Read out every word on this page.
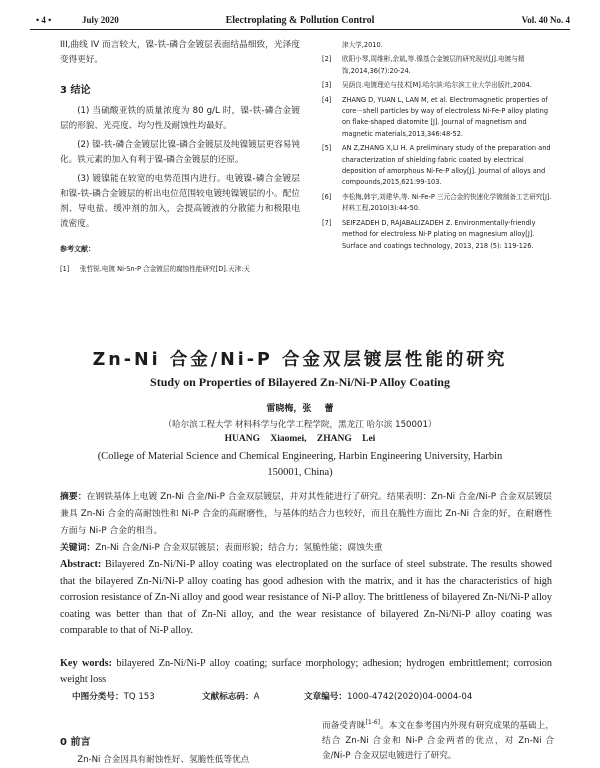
• 4 •	July 2020	Electroplating & Pollution Control	Vol. 40 No. 4

III,曲线 IV 而言较大，镍-铁-磷合金镀层表面结晶细致，光泽度变得更好。

3 结论

(1) 当硫酸亚铁的质量浓度为 80 g/L 时，镍-铁-磷合金镀层的形貌、光亮度、均匀性及耐蚀性均最好。

(2) 镍-铁-磷合金镀层比镍-磷合金镀层及纯镍镀层更容易钝化。铁元素的加入有利于镍-磷合金镀层的还原。

(3) 镀镍能在较宽的电势范围内进行。电镀镍-磷合金镀层和镍-铁-磷合金镀层的析出电位范围较电镀纯镍镀层的小。配位剂、导电盐、缓冲剂的加入，会提高镀液的分散能力和极限电流密度。

参考文献：

[1]	张哲锐.电镀 Ni-Sn-P 合金镀层的腐蚀性能研究[D].天津:天
津大学,2010.
[2]	欧阳小琴,周维彬,余斌,等.镍基合金镀层的研究现状[J].电镀与精饰,2014,36(7):20-24.
[3]	吴荫良.电镀理论与技术[M].哈尔滨:哈尔滨工业大学出版社,2004.
[4]	ZHANG D, YUAN L, LAN M, et al. Electromagnetic properties of core－shell particles by way of electroless Ni-Fe-P alloy plating on flake-shaped diatomite [J]. Journal of magnetism and magnetic materials,2013,346:48-52.
[5]	AN Z,ZHANG X,LI H. A preliminary study of the preparation and characterization of shielding fabric coated by electrical deposition of amorphous Ni-Fe-P alloy[J]. Journal of alloys and compounds,2015,621:99-103.
[6]	李松梅,韩宇,刘建华,等. Ni-Fe-P 三元合金的快速化学镀制备工艺研究[J].材料工程,2010(3):44-50.
[7]	SEIFZADEH D, RAJABALIZADEH Z. Environmentally-friendly method for electroless Ni-P plating on magnesium alloy[J]. Surface and coatings technology, 2013, 218 (5): 119-126.

Zn-Ni 合金/Ni-P 合金双层镀层性能的研究

Study on Properties of Bilayered Zn-Ni/Ni-P Alloy Coating

雷晓梅，张 蕾

（哈尔滨工程大学 材料科学与化学工程学院，黑龙江 哈尔滨 150001）

HUANG Xiaomei, ZHANG Lei

(College of Material Science and Chemical Engineering, Harbin Engineering University, Harbin 150001, China)

摘要：在钢铁基体上电镀 Zn-Ni 合金/Ni-P 合金双层镀层，并对其性能进行了研究。结果表明：Zn-Ni 合金/Ni-P 合金双层镀层兼具 Zn-Ni 合金的高耐蚀性和 Ni-P 合金的高耐磨性，与基体的结合力也较好，而且在脆性方面比 Zn-Ni 合金的好，在耐磨性方面与 Ni-P 合金的相当。

关键词：Zn-Ni 合金/Ni-P 合金双层镀层；表面形貌；结合力；氢脆性能；腐蚀失重

Abstract: Bilayered Zn-Ni/Ni-P alloy coating was electroplated on the surface of steel substrate. The results showed that the bilayered Zn-Ni/Ni-P alloy coating has good adhesion with the matrix, and it has the characteristics of high corrosion resistance of Zn-Ni alloy and good wear resistance of Ni-P alloy. The brittleness of bilayered Zn-Ni/Ni-P alloy coating was better than that of Zn-Ni alloy, and the wear resistance of bilayered Zn-Ni/Ni-P alloy coating was comparable to that of Ni-P alloy.

Key words: bilayered Zn-Ni/Ni-P alloy coating; surface morphology; adhesion; hydrogen embrittlement; corrosion weight loss

中图分类号：TQ 153	文献标志码：A	文章编号：1000-4742(2020)04-0004-04

0 前言

Zn-Ni 合金因具有耐蚀性好、氢脆性低等优点

而备受青睐[1-6]。本文在参考国内外现有研究成果的基础上，结合 Zn-Ni 合金和 Ni-P 合金两者的优点，对 Zn-Ni 合金/Ni-P 合金双层电镀进行了研究。
